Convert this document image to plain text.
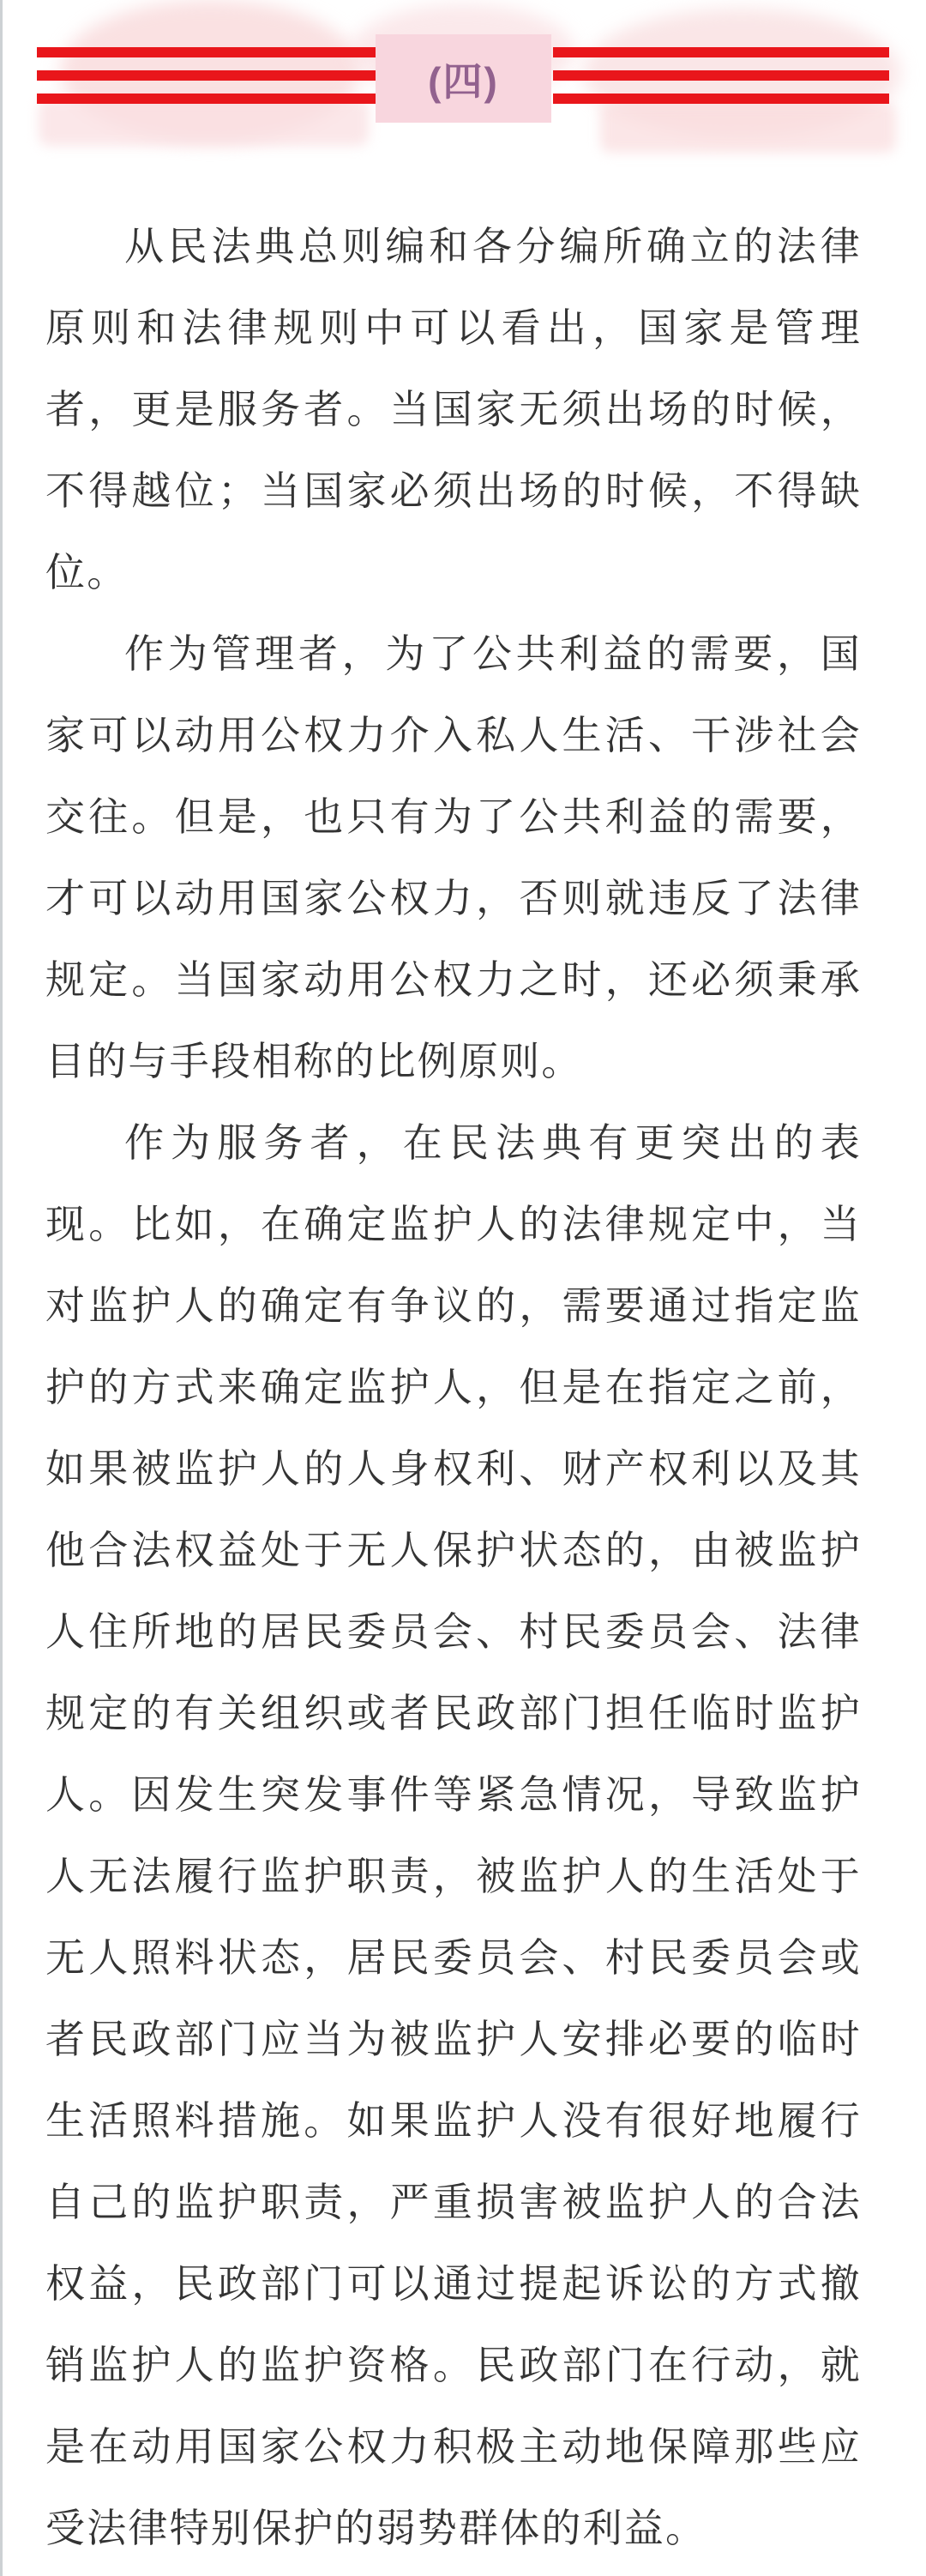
(四)

从民法典总则编和各分编所确立的法律原则和法律规则中可以看出，国家是管理者，更是服务者。当国家无须出场的时候，不得越位；当国家必须出场的时候，不得缺位。

作为管理者，为了公共利益的需要，国家可以动用公权力介入私人生活、干涉社会交往。但是，也只有为了公共利益的需要，才可以动用国家公权力，否则就违反了法律规定。当国家动用公权力之时，还必须秉承目的与手段相称的比例原则。

作为服务者，在民法典有更突出的表现。比如，在确定监护人的法律规定中，当对监护人的确定有争议的，需要通过指定监护的方式来确定监护人，但是在指定之前，如果被监护人的人身权利、财产权利以及其他合法权益处于无人保护状态的，由被监护人住所地的居民委员会、村民委员会、法律规定的有关组织或者民政部门担任临时监护人。因发生突发事件等紧急情况，导致监护人无法履行监护职责，被监护人的生活处于无人照料状态，居民委员会、村民委员会或者民政部门应当为被监护人安排必要的临时生活照料措施。如果监护人没有很好地履行自己的监护职责，严重损害被监护人的合法权益，民政部门可以通过提起诉讼的方式撤销监护人的监护资格。民政部门在行动，就是在动用国家公权力积极主动地保障那些应受法律特别保护的弱势群体的利益。
